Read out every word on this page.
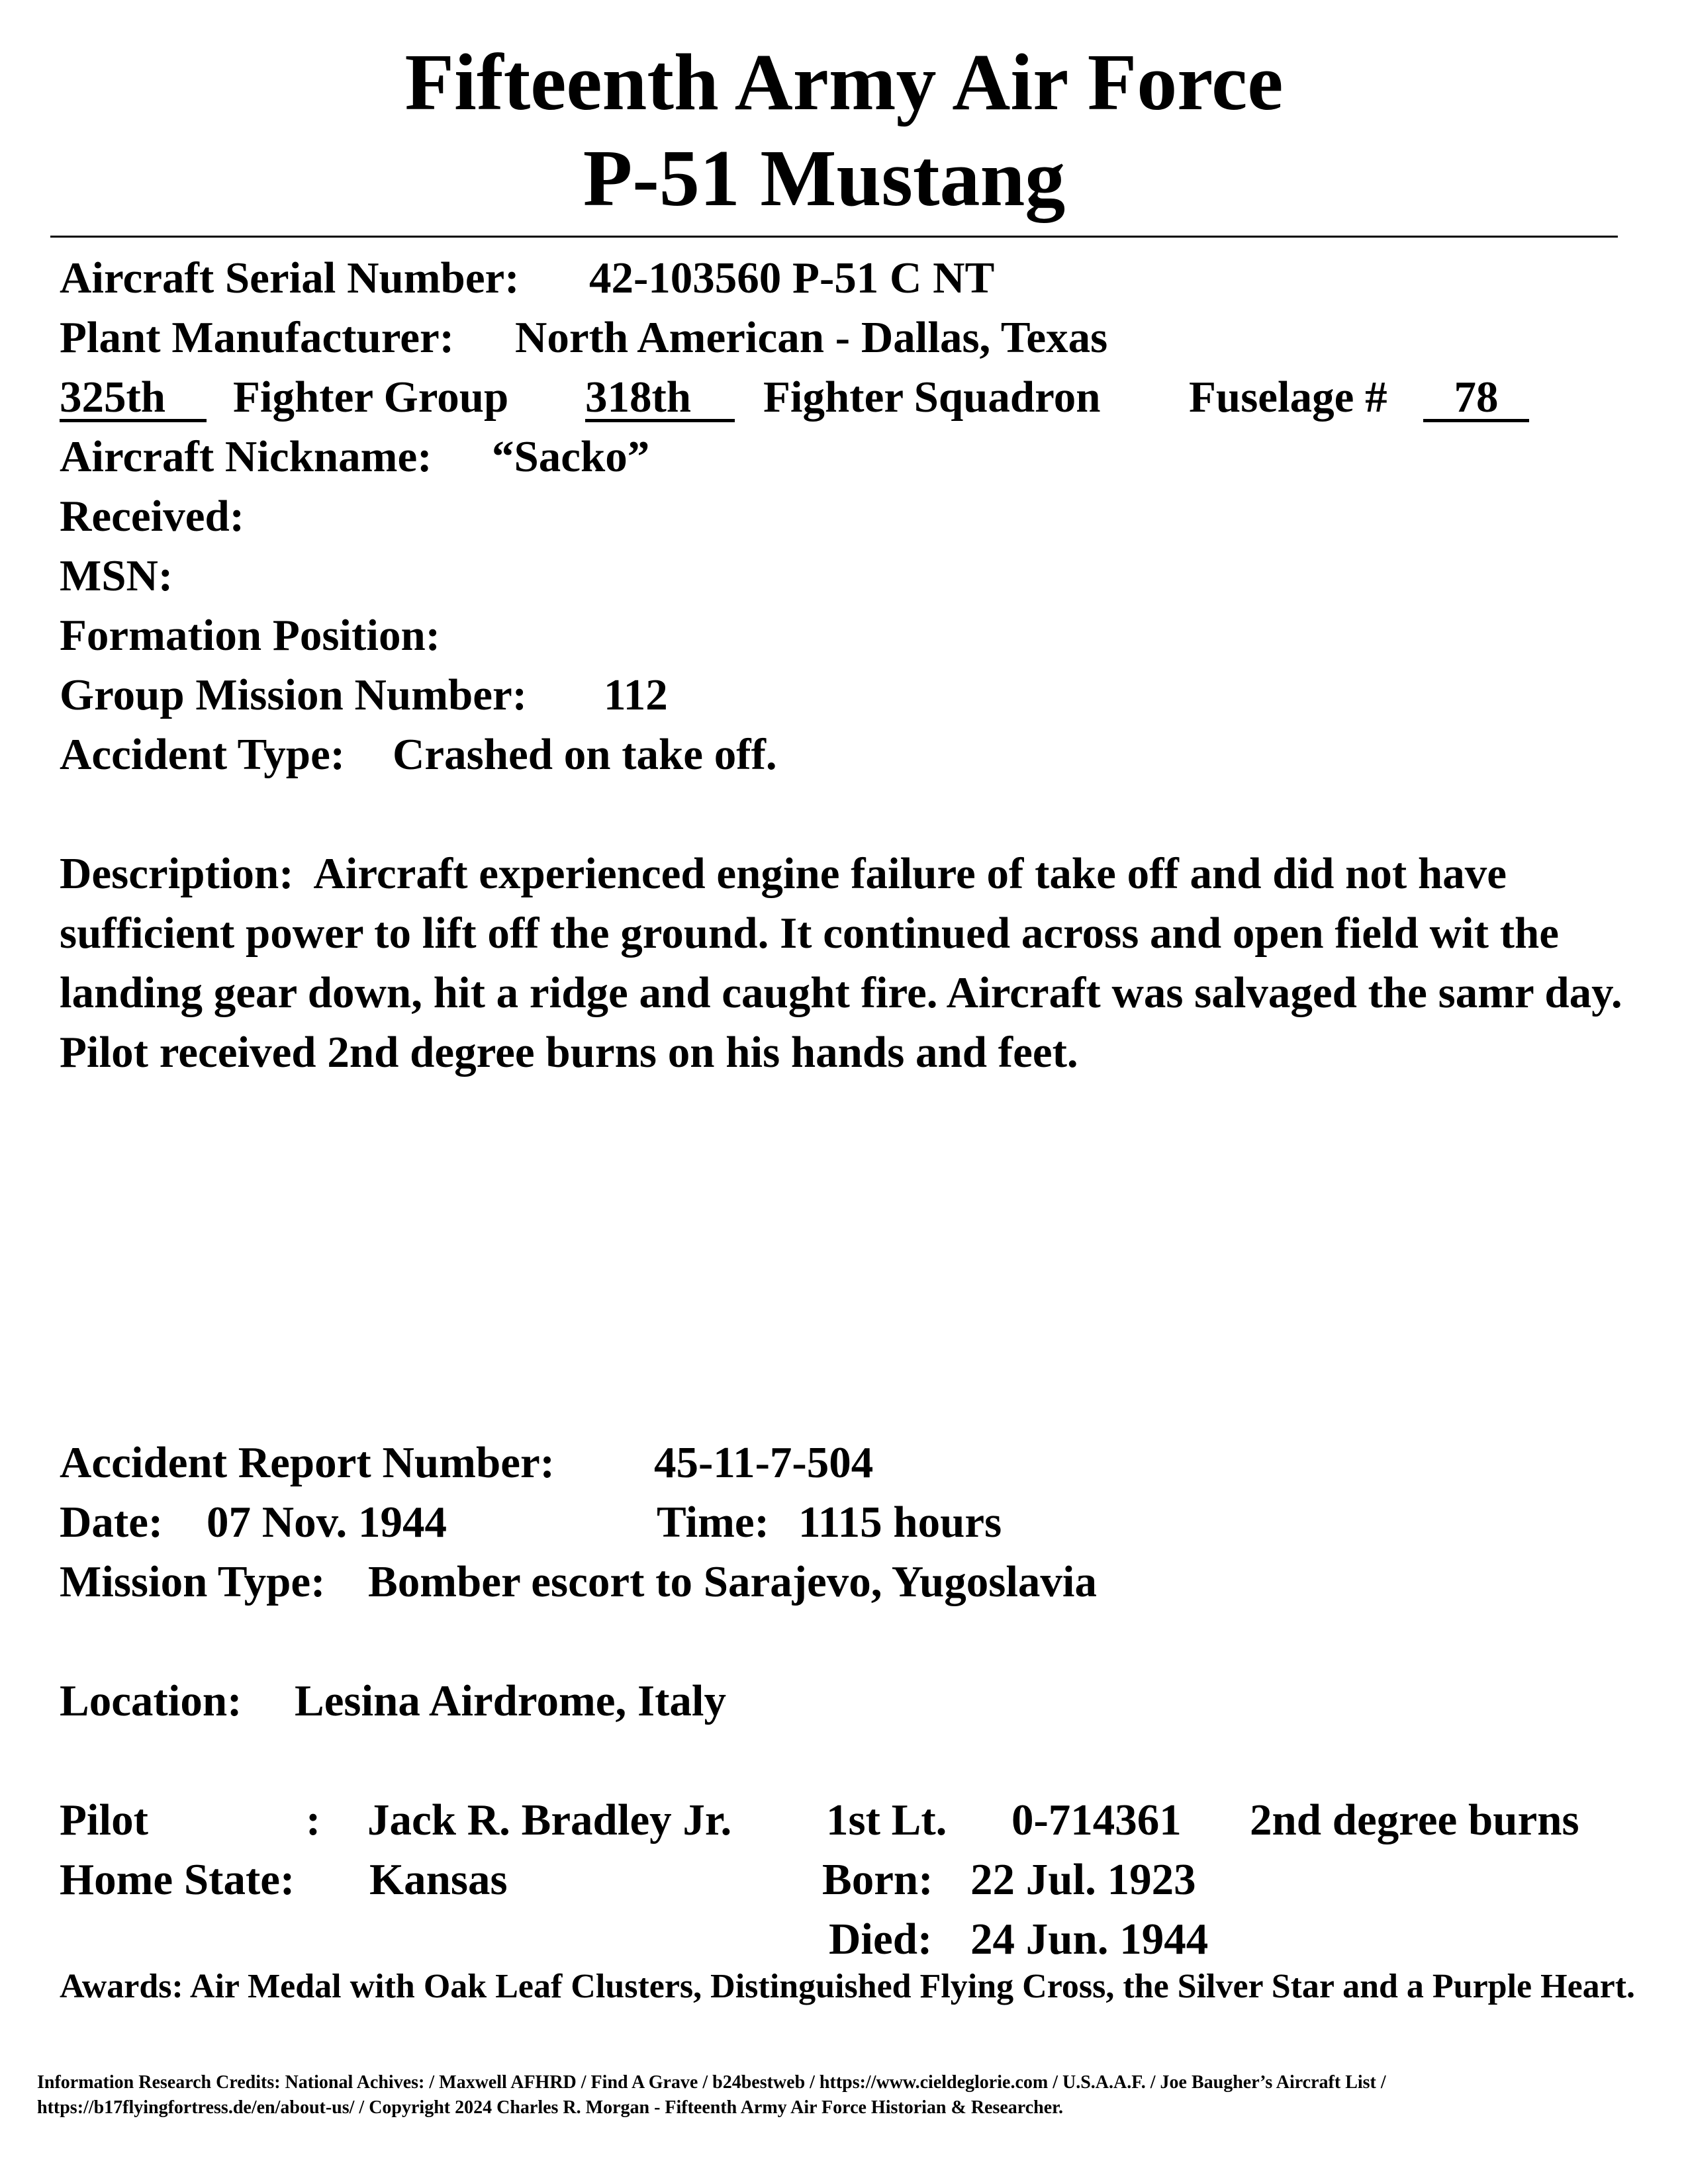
Fifteenth Army Air Force
P-51 Mustang
Aircraft Serial Number: 42-103560 P-51 C NT
Plant Manufacturer: North American - Dallas, Texas
325th	Fighter Group 318th	Fighter Squadron Fuselage #	78
Aircraft Nickname: “Sacko”
Received:
MSN:
Formation Position:
Group Mission Number: 112
Accident Type: Crashed on take off.
Description: Aircraft experienced engine failure of take off and did not have sufficient power to lift off the ground. It continued across and open field wit the landing gear down, hit a ridge and caught fire. Aircraft was salvaged the samr day. Pilot received 2nd degree burns on his hands and feet.
Accident Report Number: 45-11-7-504
Date: 07 Nov. 1944	Time: 1115 hours
Mission Type: Bomber escort to Sarajevo, Yugoslavia
Location: Lesina Airdrome, Italy
Pilot	: Jack R. Bradley Jr. 1st Lt. 0-714361 2nd degree burns
Home State: Kansas	Born: 22 Jul. 1923
Died: 24 Jun. 1944
Awards: Air Medal with Oak Leaf Clusters, Distinguished Flying Cross, the Silver Star and a Purple Heart.
Information Research Credits: National Achives: / Maxwell AFHRD / Find A Grave / b24bestweb / https://www.cieldeglorie.com / U.S.A.A.F. / Joe Baugher’s Aircraft List / https://b17flyingfortress.de/en/about-us/ / Copyright 2024 Charles R. Morgan - Fifteenth Army Air Force Historian & Researcher.
